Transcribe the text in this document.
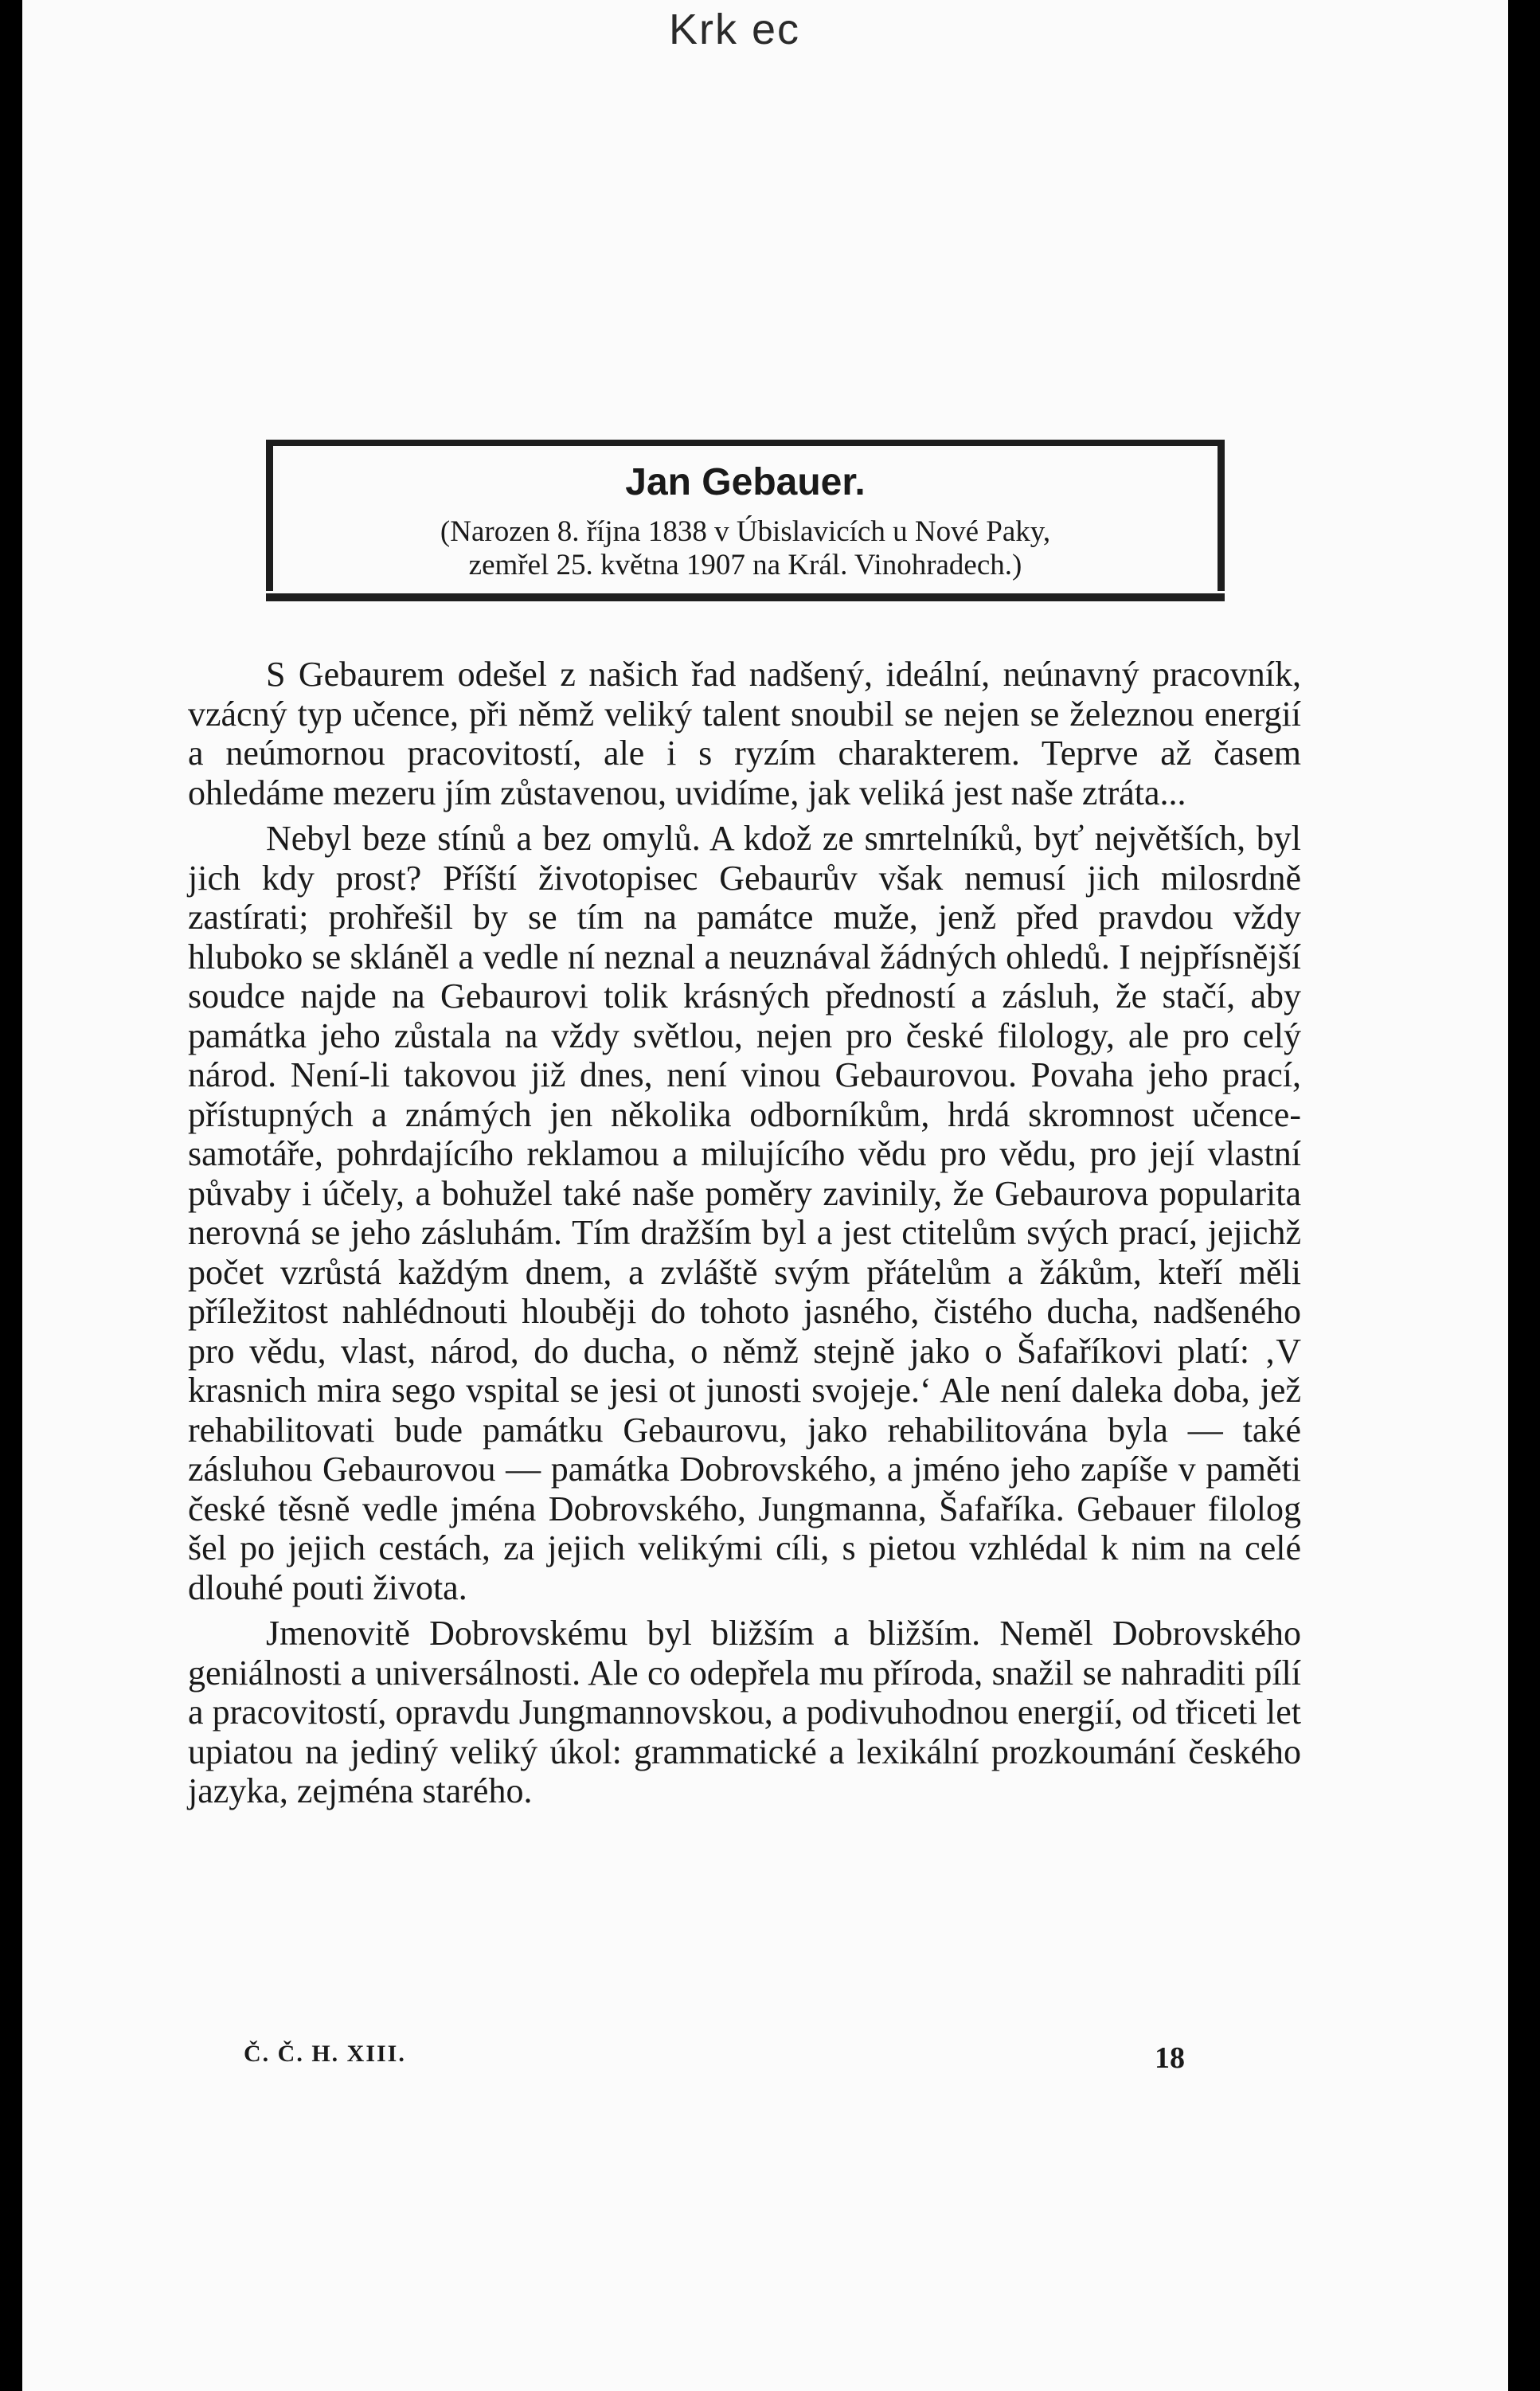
Krk ec
Jan Gebauer.
(Narozen 8. října 1838 v Úbislavicích u Nové Paky,
zemřel 25. května 1907 na Král. Vinohradech.)

S Gebaurem odešel z našich řad nadšený, ideální, neúnavný pracovník, vzácný typ učence, při němž veliký talent snoubil se nejen se železnou energií a neúmornou pracovitostí, ale i s ryzím charakterem. Teprve až časem ohledáme mezeru jím zůstavenou, uvidíme, jak veliká jest naše ztráta...

Nebyl beze stínů a bez omylů. A kdož ze smrtelníků, byť největších, byl jich kdy prost? Příští životopisec Gebaurův však nemusí jich milosrdně zastírati; prohřešil by se tím na památce muže, jenž před pravdou vždy hluboko se skláněl a vedle ní neznal a neuznával žádných ohledů. I nejpřísnější soudce najde na Gebaurovi tolik krásných předností a zásluh, že stačí, aby památka jeho zůstala na vždy světlou, nejen pro české filology, ale pro celý národ. Není-li takovou již dnes, není vinou Gebaurovou. Povaha jeho prací, přístupných a známých jen několika odborníkům, hrdá skromnost učence-samotáře, pohrdajícího reklamou a milujícího vědu pro vědu, pro její vlastní půvaby i účely, a bohužel také naše poměry zavinily, že Gebaurova popularita nerovná se jeho zásluhám. Tím dražším byl a jest ctitelům svých prací, jejichž počet vzrůstá každým dnem, a zvláště svým přátelům a žákům, kteří měli příležitost nahlédnouti hlouběji do tohoto jasného, čistého ducha, nadšeného pro vědu, vlast, národ, do ducha, o němž stejně jako o Šafaříkovi platí: ‚V krasnich mira sego vspital se jesi ot junosti svojeje.‘ Ale není daleka doba, jež rehabilitovati bude památku Gebaurovu, jako rehabilitována byla — také zásluhou Gebaurovou — památka Dobrovského, a jméno jeho zapíše v paměti české těsně vedle jména Dobrovského, Jungmanna, Šafaříka. Gebauer filolog šel po jejich cestách, za jejich velikými cíli, s pietou vzhlédal k nim na celé dlouhé pouti života.

Jmenovitě Dobrovskému byl bližším a bližším. Neměl Dobrovského geniálnosti a universálnosti. Ale co odepřela mu příroda, snažil se nahraditi pílí a pracovitostí, opravdu Jungmannovskou, a podivuhodnou energií, od třiceti let upiatou na jediný veliký úkol: grammatické a lexikální prozkoumání českého jazyka, zejména starého.

Č. Č. H. XIII.	18
